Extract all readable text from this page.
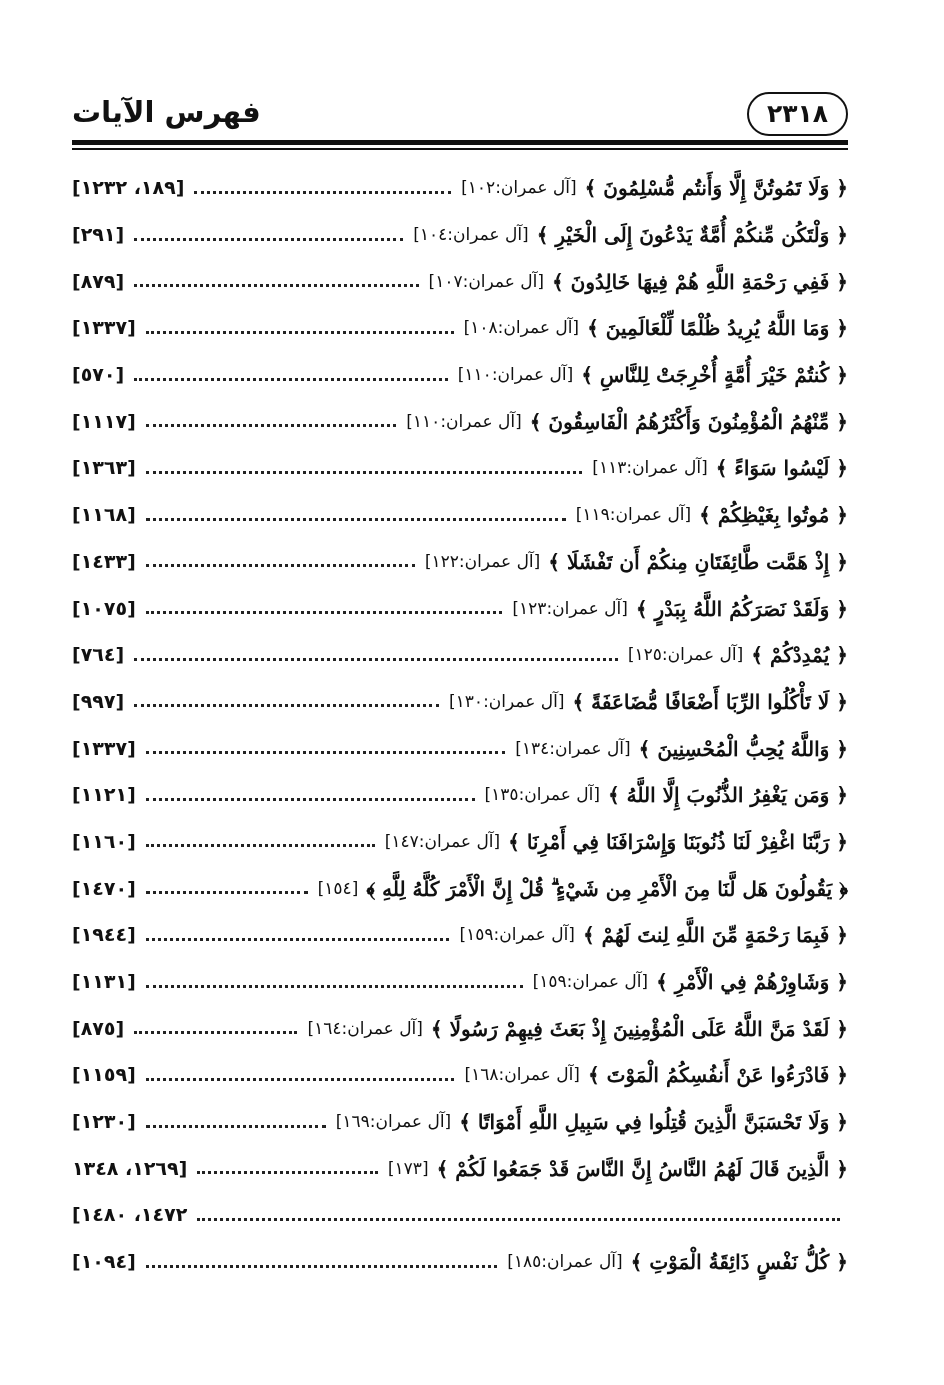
٢٣١٨
فهرس الآيات
﴿ وَلَا تَمُوتُنَّ إِلَّا وَأَنتُم مُّسْلِمُونَ ﴾
[آل عمران:١٠٢]
[١٨٩، ١٢٣٢]
﴿ وَلْتَكُن مِّنكُمْ أُمَّةٌ يَدْعُونَ إِلَى الْخَيْرِ ﴾
[آل عمران:١٠٤]
[٢٩١]
﴿ فَفِي رَحْمَةِ اللَّهِ هُمْ فِيهَا خَالِدُونَ ﴾
[آل عمران:١٠٧]
[٨٧٩]
﴿ وَمَا اللَّهُ يُرِيدُ ظُلْمًا لِّلْعَالَمِينَ ﴾
[آل عمران:١٠٨]
[١٣٣٧]
﴿ كُنتُمْ خَيْرَ أُمَّةٍ أُخْرِجَتْ لِلنَّاسِ ﴾
[آل عمران:١١٠]
[٥٧٠]
﴿ مِّنْهُمُ الْمُؤْمِنُونَ وَأَكْثَرُهُمُ الْفَاسِقُونَ ﴾
[آل عمران:١١٠]
[١١١٧]
﴿ لَيْسُوا سَوَاءً ﴾
[آل عمران:١١٣]
[١٣٦٣]
﴿ مُوتُوا بِغَيْظِكُمْ ﴾
[آل عمران:١١٩]
[١١٦٨]
﴿ إِذْ هَمَّت طَّائِفَتَانِ مِنكُمْ أَن تَفْشَلَا ﴾
[آل عمران:١٢٢]
[١٤٣٣]
﴿ وَلَقَدْ نَصَرَكُمُ اللَّهُ بِبَدْرٍ ﴾
[آل عمران:١٢٣]
[١٠٧٥]
﴿ يُمْدِدْكُمْ ﴾
[آل عمران:١٢٥]
[٧٦٤]
﴿ لَا تَأْكُلُوا الرِّبَا أَضْعَافًا مُّضَاعَفَةً ﴾
[آل عمران:١٣٠]
[٩٩٧]
﴿ وَاللَّهُ يُحِبُّ الْمُحْسِنِينَ ﴾
[آل عمران:١٣٤]
[١٣٣٧]
﴿ وَمَن يَغْفِرُ الذُّنُوبَ إِلَّا اللَّهُ ﴾
[آل عمران:١٣٥]
[١١٢١]
﴿ رَبَّنَا اغْفِرْ لَنَا ذُنُوبَنَا وَإِسْرَافَنَا فِي أَمْرِنَا ﴾
[آل عمران:١٤٧]
[١١٦٠]
﴿ يَقُولُونَ هَل لَّنَا مِنَ الْأَمْرِ مِن شَيْءٍ ۗ قُلْ إِنَّ الْأَمْرَ كُلَّهُ لِلَّهِ ﴾
[١٥٤]
[١٤٧٠]
﴿ فَبِمَا رَحْمَةٍ مِّنَ اللَّهِ لِنتَ لَهُمْ ﴾
[آل عمران:١٥٩]
[١٩٤٤]
﴿ وَشَاوِرْهُمْ فِي الْأَمْرِ ﴾
[آل عمران:١٥٩]
[١١٣١]
﴿ لَقَدْ مَنَّ اللَّهُ عَلَى الْمُؤْمِنِينَ إِذْ بَعَثَ فِيهِمْ رَسُولًا ﴾
[آل عمران:١٦٤]
[٨٧٥]
﴿ فَادْرَءُوا عَنْ أَنفُسِكُمُ الْمَوْتَ ﴾
[آل عمران:١٦٨]
[١١٥٩]
﴿ وَلَا تَحْسَبَنَّ الَّذِينَ قُتِلُوا فِي سَبِيلِ اللَّهِ أَمْوَاتًا ﴾
[آل عمران:١٦٩]
[١٢٣٠]
﴿ الَّذِينَ قَالَ لَهُمُ النَّاسُ إِنَّ النَّاسَ قَدْ جَمَعُوا لَكُمْ ﴾
[١٧٣]
[١٢٦٩، ١٣٤٨
١٤٧٢، ١٤٨٠]
﴿ كُلُّ نَفْسٍ ذَائِقَةُ الْمَوْتِ ﴾
[آل عمران:١٨٥]
[١٠٩٤]
